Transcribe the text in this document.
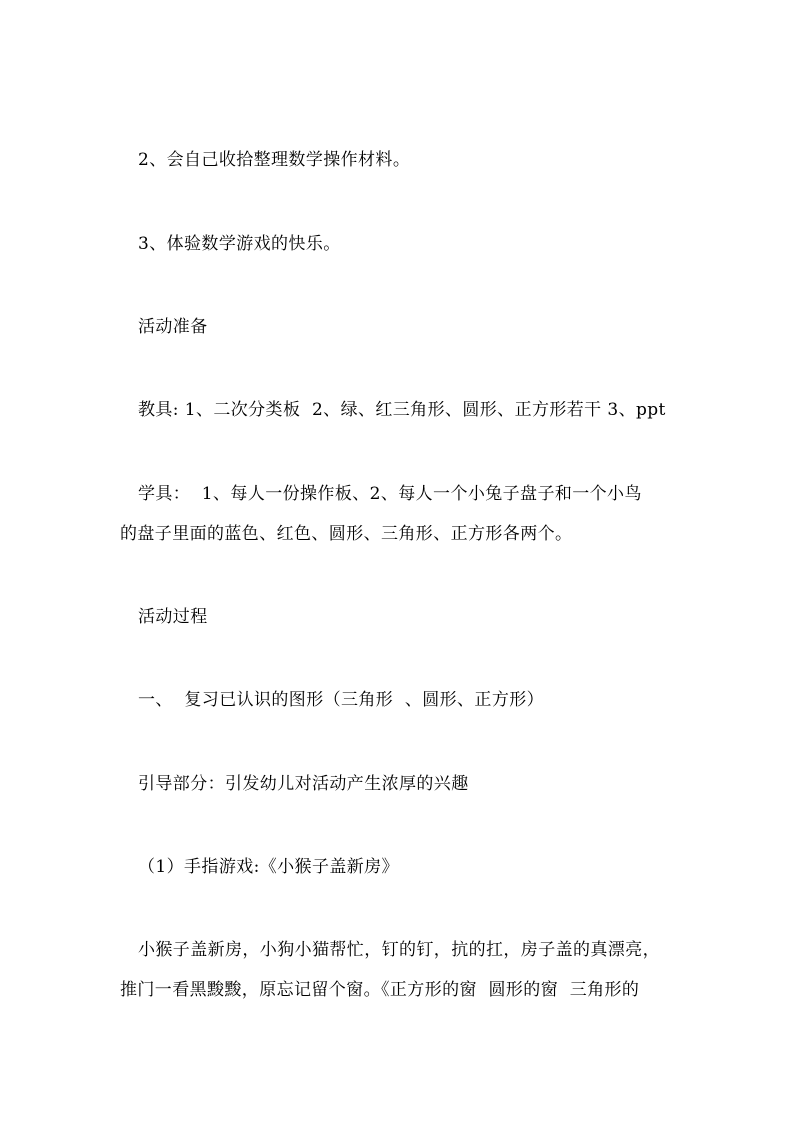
2、会自己收拾整理数学操作材料。

3、体验数学游戏的快乐。

活动准备

教具: 1、二次分类板  2、绿、红三角形、圆形、正方形若干 3、ppt

学具：  1、每人一份操作板、2、每人一个小兔子盘子和一个小鸟

的盘子里面的蓝色、红色、圆形、三角形、正方形各两个。

活动过程

一、  复习已认识的图形（三角形  、圆形、正方形）

引导部分：引发幼儿对活动产生浓厚的兴趣

（1）手指游戏:《小猴子盖新房》

小猴子盖新房，小狗小猫帮忙，钉的钉，抗的扛，房子盖的真漂亮，

推门一看黑黢黢，原忘记留个窗。《正方形的窗  圆形的窗  三角形的
